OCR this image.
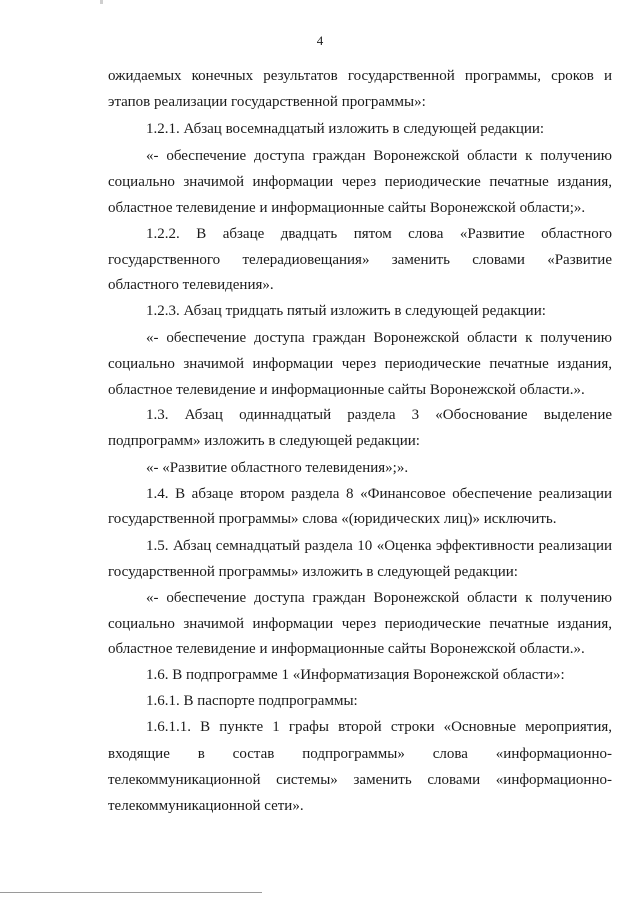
4
ожидаемых конечных результатов государственной программы, сроков и
этапов реализации государственной программы»:
1.2.1. Абзац восемнадцатый изложить в следующей редакции:
«- обеспечение доступа граждан Воронежской области к получению
социально значимой информации через периодические печатные издания,
областное телевидение и информационные сайты Воронежской области;».
1.2.2. В абзаце двадцать пятом слова «Развитие областного
государственного телерадиовещания» заменить словами «Развитие
областного телевидения».
1.2.3. Абзац тридцать пятый изложить в следующей редакции:
«- обеспечение доступа граждан Воронежской области к получению
социально значимой информации через периодические печатные издания,
областное телевидение и информационные сайты Воронежской области.».
1.3. Абзац одиннадцатый раздела 3 «Обоснование выделение
подпрограмм» изложить в следующей редакции:
«- «Развитие областного телевидения»;».
1.4. В абзаце втором раздела 8 «Финансовое обеспечение реализации
государственной программы» слова «(юридических лиц)» исключить.
1.5. Абзац семнадцатый раздела 10 «Оценка эффективности реализации
государственной программы» изложить в следующей редакции:
«- обеспечение доступа граждан Воронежской области к получению
социально значимой информации через периодические печатные издания,
областное телевидение и информационные сайты Воронежской области.».
1.6. В подпрограмме 1 «Информатизация Воронежской области»:
1.6.1. В паспорте подпрограммы:
1.6.1.1. В пункте 1 графы второй строки «Основные мероприятия,
входящие в состав подпрограммы» слова «информационно-
телекоммуникационной системы» заменить словами «информационно-
телекоммуникационной сети».
